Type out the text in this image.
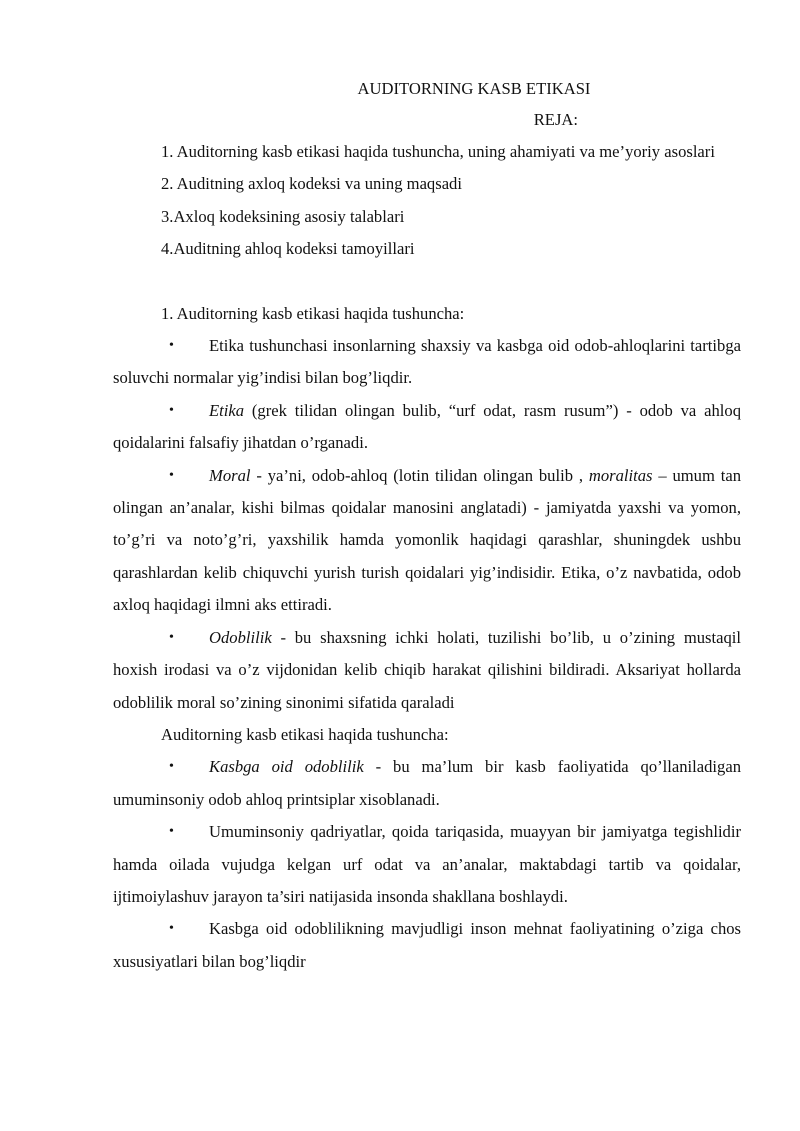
AUDITORNING KASB ETIKASI
REJA:

1. Auditorning kasb etikasi haqida tushuncha, uning ahamiyati va me’yoriy asoslari

2. Auditning axloq kodeksi va uning maqsadi

3.Axloq kodeksining asosiy talablari

4.Auditning ahloq kodeksi tamoyillari

1. Auditorning kasb etikasi haqida tushuncha:

• Etika tushunchasi insonlarning shaxsiy va kasbga oid odob-ahloqlarini tartibga soluvchi normalar yig’indisi bilan bog’liqdir.

• Etika (grek tilidan olingan bulib, “urf odat, rasm rusum”) - odob va ahloq qoidalarini falsafiy jihatdan o’rganadi.

• Moral - ya’ni, odob-ahloq (lotin tilidan olingan bulib , moralitas – umum tan olingan an’analar, kishi bilmas qoidalar manosini anglatadi) - jamiyatda yaxshi va yomon, to’g’ri va noto’g’ri, yaxshilik hamda yomonlik haqidagi qarashlar, shuningdek ushbu qarashlardan kelib chiquvchi yurish turish qoidalari yig’indisidir. Etika, o’z navbatida, odob axloq haqidagi ilmni aks ettiradi.

• Odoblilik - bu shaxsning ichki holati, tuzilishi bo’lib, u o’zining mustaqil hoxish irodasi va o’z vijdonidan kelib chiqib harakat qilishini bildiradi. Aksariyat hollarda odoblilik moral so’zining sinonimi sifatida qaraladi

Auditorning kasb etikasi haqida tushuncha:

• Kasbga oid odoblilik - bu ma’lum bir kasb faoliyatida qo’llaniladigan umuminsoniy odob ahloq printsiplar xisoblanadi.

• Umuminsoniy qadriyatlar, qoida tariqasida, muayyan bir jamiyatga tegishlidir hamda oilada vujudga kelgan urf odat va an’analar, maktabdagi tartib va qoidalar, ijtimoiylashuv jarayon ta’siri natijasida insonda shakllana boshlaydi.

• Kasbga oid odoblilikning mavjudligi inson mehnat faoliyatining o’ziga chos xususiyatlari bilan bog’liqdir
